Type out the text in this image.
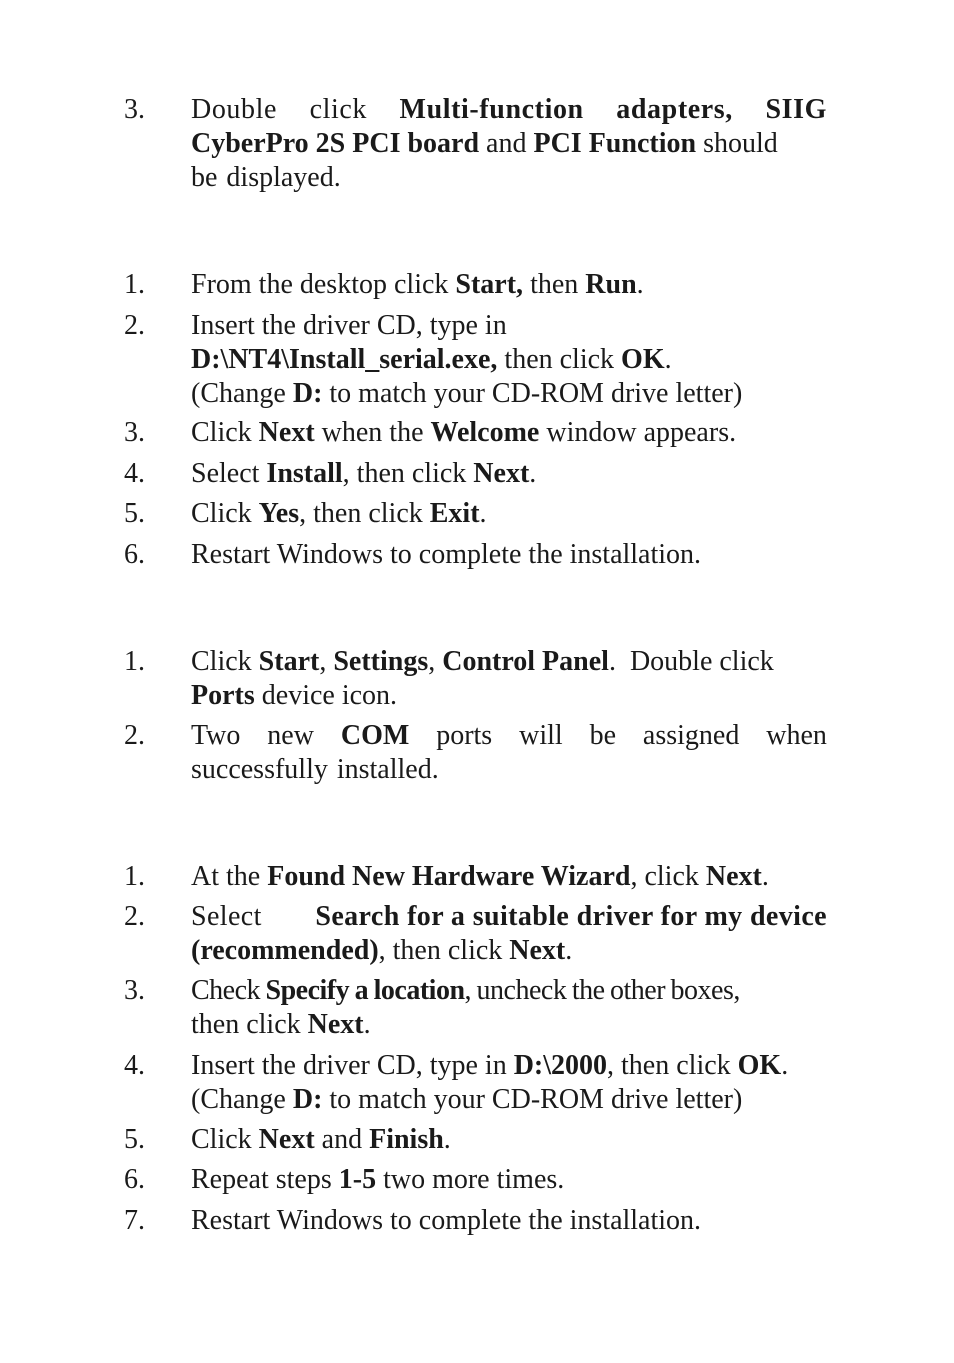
3. Double click Multi-function adapters, SIIG
CyberPro 2S PCI board and PCI Function should
be displayed.
1. From the desktop click Start, then Run.
2. Insert the driver CD, type in
D:\NT4\Install_serial.exe, then click OK.
(Change D: to match your CD-ROM drive letter)
3. Click Next when the Welcome window appears.
4. Select Install, then click Next.
5. Click Yes, then click Exit.
6. Restart Windows to complete the installation.
1. Click Start, Settings, Control Panel.  Double click
Ports device icon.
2. Two new COM ports will be assigned when
successfully installed.
1. At the Found New Hardware Wizard, click Next.
2. Select Search for a suitable driver for my device
(recommended), then click Next.
3. Check Specify a location, uncheck the other boxes,
then click Next.
4. Insert the driver CD, type in D:\2000, then click OK.
(Change D: to match your CD-ROM drive letter)
5. Click Next and Finish.
6. Repeat steps 1-5 two more times.
7. Restart Windows to complete the installation.
